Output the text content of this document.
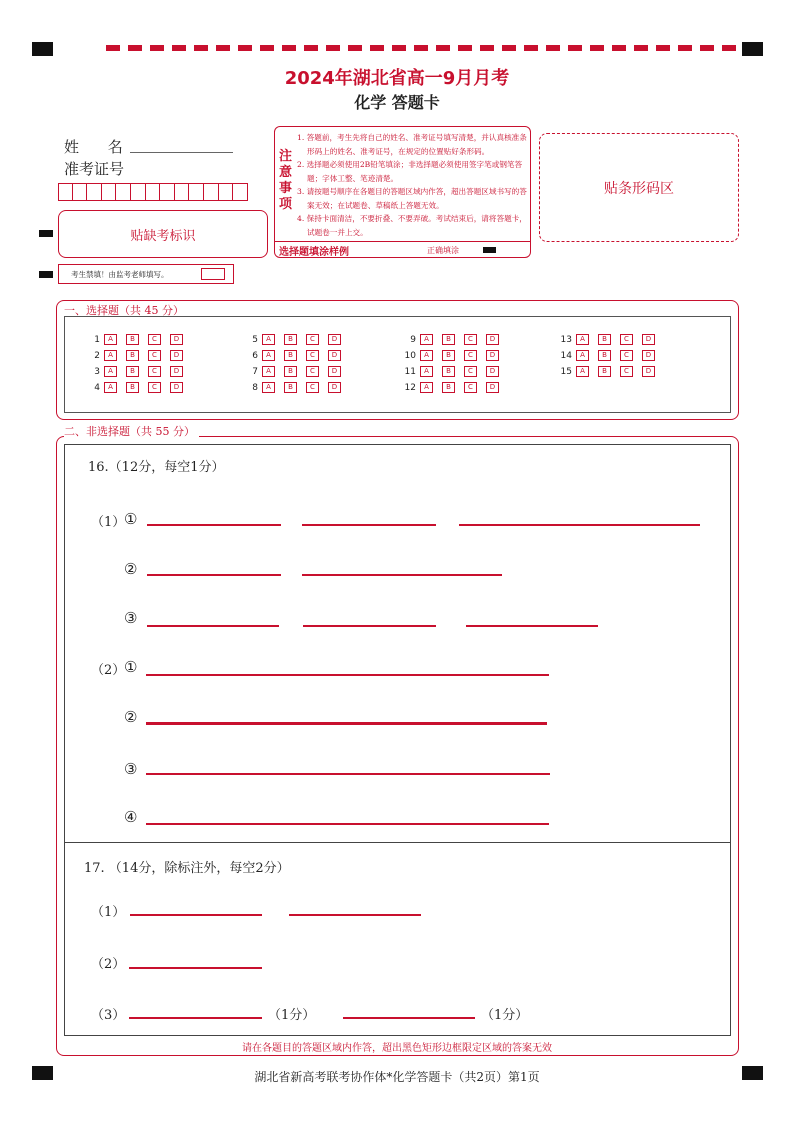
2024年湖北省高一9月月考
化学 答题卡
姓 名
准考证号
贴缺考标识
考生禁填！由监考老师填写。
注意事项
1. 答题前，考生先将自己的姓名、准考证号填写清楚，并认真核准条形码上的姓名、准考证号，在规定的位置贴好条形码。
2. 选择题必须使用2B铅笔填涂；非选择题必须使用签字笔或钢笔答题；字体工整、笔迹清楚。
3. 请按题号顺序在各题目的答题区域内作答，超出答题区域书写的答案无效；在试题卷、草稿纸上答题无效。
4. 保持卡面清洁，不要折叠、不要弄破。考试结束后，请将答题卡，试题卷一并上交。
选择题填涂样例	正确填涂
贴条形码区
一、选择题（共 45 分）
1 A B C D
2 A B C D
3 A B C D
4 A B C D
5 A B C D
6 A B C D
7 A B C D
8 A B C D
9 A B C D
10 A B C D
11 A B C D
12 A B C D
13 A B C D
14 A B C D
15 A B C D
二、非选择题（共 55 分）
16.（12分，每空1分）
（1）
①
②
③
（2）
①
②
③
④
17. （14分，除标注外，每空2分）
（1）
（2）
（3）	（1分）	（1分）
请在各题目的答题区域内作答，超出黑色矩形边框限定区域的答案无效
湖北省新高考联考协作体*化学答题卡（共2页）第1页
